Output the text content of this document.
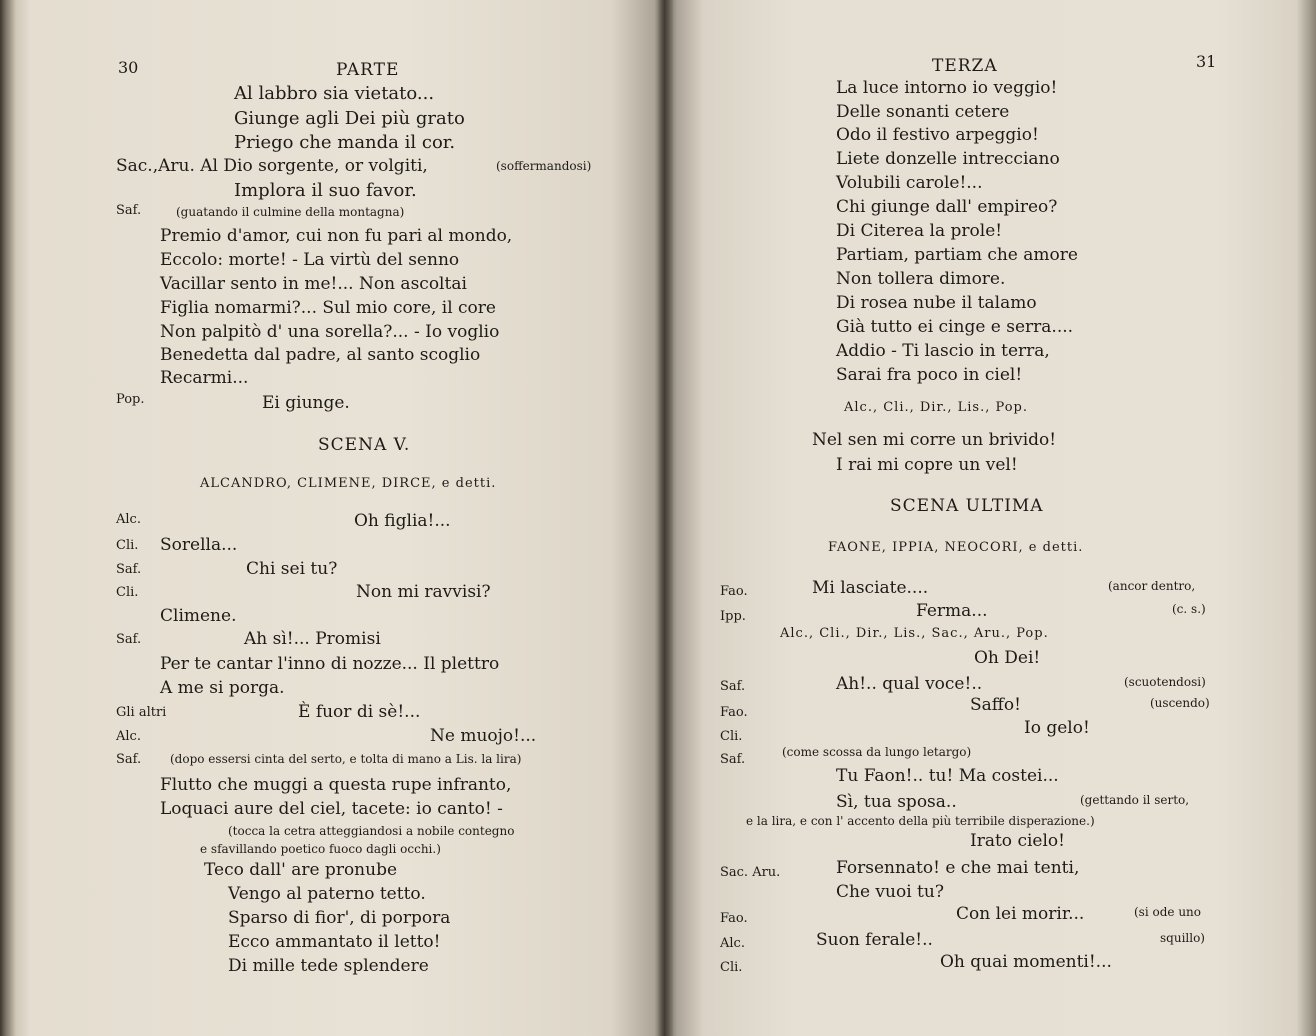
30	PARTE
Al labbro sia vietato...
Giunge agli Dei più grato
Priego che manda il cor.
Sac.,Aru. Al Dio sorgente, or volgiti,	(soffermandosi)
Implora il suo favor.
Saf.	(guatando il culmine della montagna)
Premio d'amor, cui non fu pari al mondo,
Eccolo: morte! - La virtù del senno
Vacillar sento in me!... Non ascoltai
Figlia nomarmi?... Sul mio core, il core
Non palpitò d' una sorella?... - Io voglio
Benedetta dal padre, al santo scoglio
Recarmi...
Pop.	Ei giunge.
SCENA V.
ALCANDRO, CLIMENE, DIRCE, e detti.
Alc.	Oh figlia!...
Cli. Sorella...
Saf.	Chi sei tu?
Cli.	Non mi ravvisi?
Climene.
Saf.	Ah sì!... Promisi
Per te cantar l'inno di nozze... Il plettro
A me si porga.
Gli altri	È fuor di sè!...
Alc.	Ne muojo!...
Saf. (dopo essersi cinta del serto, e tolta di mano a Lis. la lira)
Flutto che muggi a questa rupe infranto,
Loquaci aure del ciel, tacete: io canto! -
(tocca la cetra atteggiandosi a nobile contegno
e sfavillando poetico fuoco dagli occhi.)
Teco dall' are pronube
Vengo al paterno tetto.
Sparso di fior', di porpora
Ecco ammantato il letto!
Di mille tede splendere
TERZA	31
La luce intorno io veggio!
Delle sonanti cetere
Odo il festivo arpeggio!
Liete donzelle intrecciano
Volubili carole!...
Chi giunge dall' empireo?
Di Citerea la prole!
Partiam, partiam che amore
Non tollera dimore.
Di rosea nube il talamo
Già tutto ei cinge e serra....
Addio - Ti lascio in terra,
Sarai fra poco in ciel!
Alc., Cli., Dir., Lis., Pop.
Nel sen mi corre un brivido!
I rai mi copre un vel!
SCENA ULTIMA
FAONE, IPPIA, NEOCORI, e detti.
Fao.	Mi lasciate....	(ancor dentro,
Ipp.	Ferma...	(c. s.)
Alc., Cli., Dir., Lis., Sac., Aru., Pop.
Oh Dei!
Saf.	Ah!.. qual voce!..	(scuotendosi)
Fao.	Saffo!	(uscendo)
Cli.	Io gelo!
Saf.	(come scossa da lungo letargo)
Tu Faon!.. tu! Ma costei...
Sì, tua sposa..	(gettando il serto,
e la lira, e con l' accento della più terribile disperazione.)
Irato cielo!
Sac. Aru.	Forsennato! e che mai tenti,
Che vuoi tu?
Fao.	Con lei morir...	(si ode uno
Alc.	Suon ferale!..	squillo)
Cli.	Oh quai momenti!...
